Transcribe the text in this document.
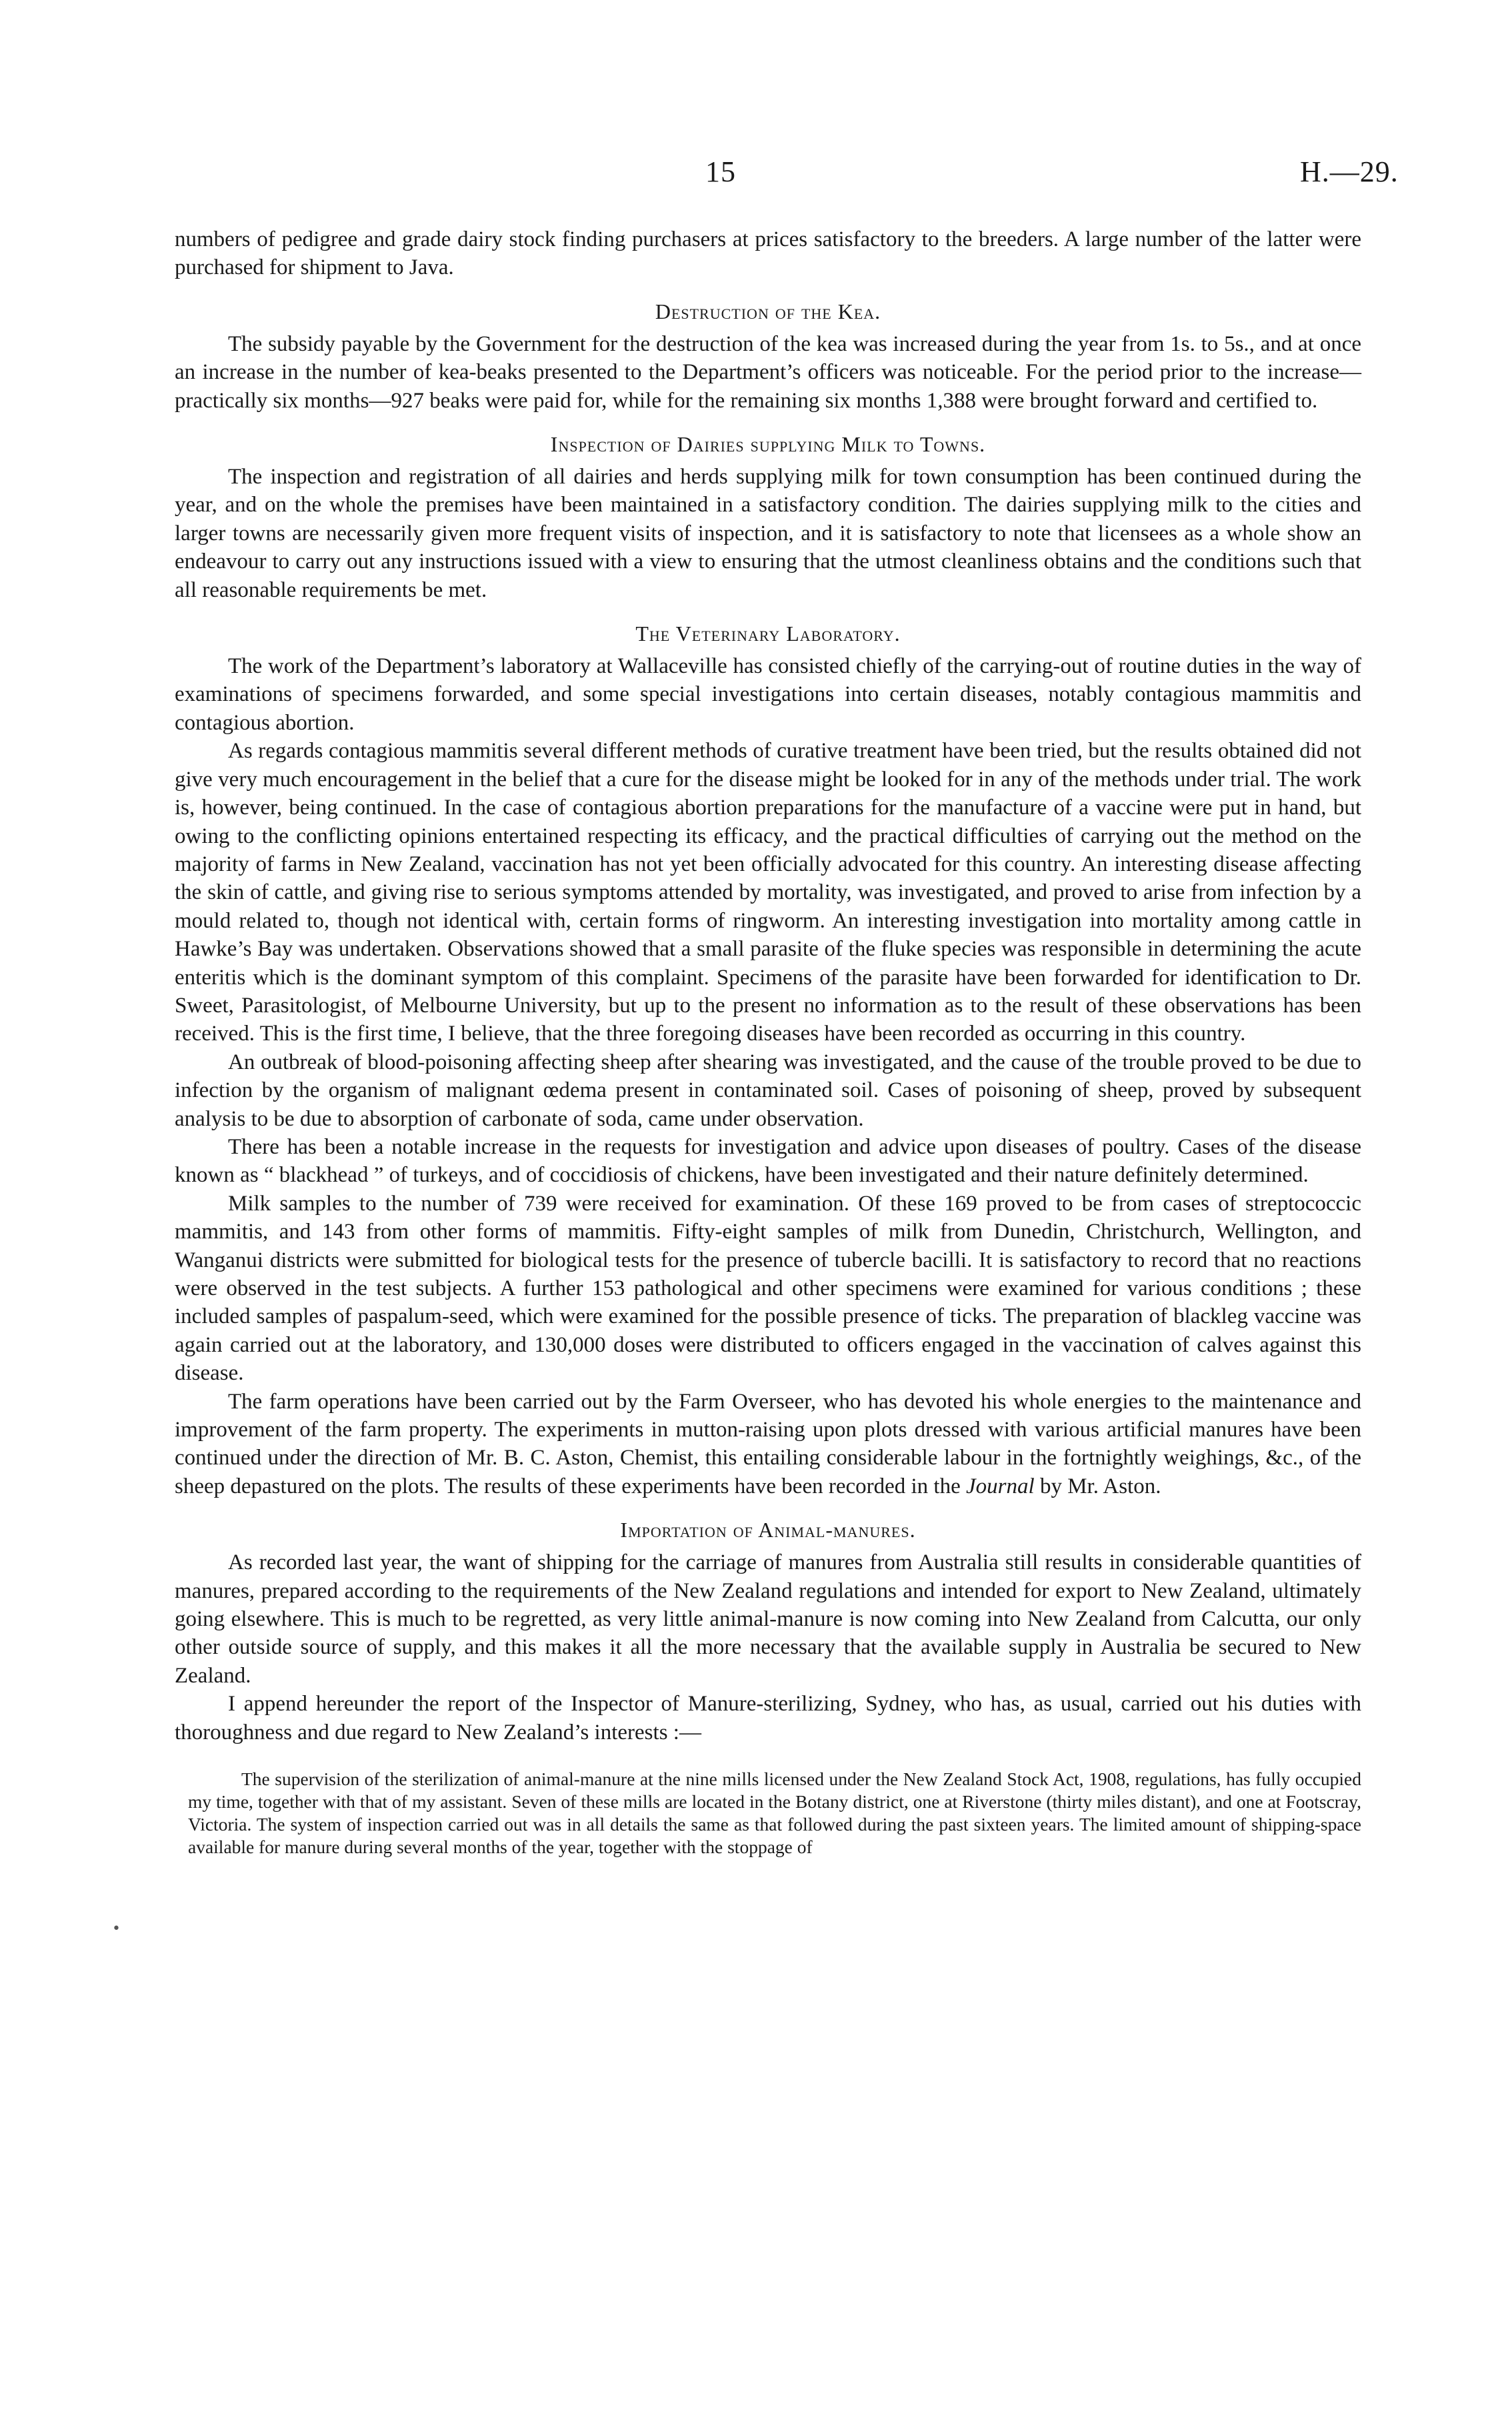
15	H.—29.

numbers of pedigree and grade dairy stock finding purchasers at prices satisfactory to the breeders. A large number of the latter were purchased for shipment to Java.

Destruction of the Kea.

The subsidy payable by the Government for the destruction of the kea was increased during the year from 1s. to 5s., and at once an increase in the number of kea-beaks presented to the Department’s officers was noticeable. For the period prior to the increase—practically six months—927 beaks were paid for, while for the remaining six months 1,388 were brought forward and certified to.

Inspection of Dairies supplying Milk to Towns.

The inspection and registration of all dairies and herds supplying milk for town consumption has been continued during the year, and on the whole the premises have been maintained in a satisfactory condition. The dairies supplying milk to the cities and larger towns are necessarily given more frequent visits of inspection, and it is satisfactory to note that licensees as a whole show an endeavour to carry out any instructions issued with a view to ensuring that the utmost cleanliness obtains and the conditions such that all reasonable requirements be met.

The Veterinary Laboratory.

The work of the Department’s laboratory at Wallaceville has consisted chiefly of the carrying-out of routine duties in the way of examinations of specimens forwarded, and some special investigations into certain diseases, notably contagious mammitis and contagious abortion.

As regards contagious mammitis several different methods of curative treatment have been tried, but the results obtained did not give very much encouragement in the belief that a cure for the disease might be looked for in any of the methods under trial. The work is, however, being continued. In the case of contagious abortion preparations for the manufacture of a vaccine were put in hand, but owing to the conflicting opinions entertained respecting its efficacy, and the practical difficulties of carrying out the method on the majority of farms in New Zealand, vaccination has not yet been officially advocated for this country. An interesting disease affecting the skin of cattle, and giving rise to serious symptoms attended by mortality, was investigated, and proved to arise from infection by a mould related to, though not identical with, certain forms of ringworm. An interesting investigation into mortality among cattle in Hawke’s Bay was undertaken. Observations showed that a small parasite of the fluke species was responsible in determining the acute enteritis which is the dominant symptom of this complaint. Specimens of the parasite have been forwarded for identification to Dr. Sweet, Parasitologist, of Melbourne University, but up to the present no information as to the result of these observations has been received. This is the first time, I believe, that the three foregoing diseases have been recorded as occurring in this country.

An outbreak of blood-poisoning affecting sheep after shearing was investigated, and the cause of the trouble proved to be due to infection by the organism of malignant œdema present in contaminated soil. Cases of poisoning of sheep, proved by subsequent analysis to be due to absorption of carbonate of soda, came under observation.

There has been a notable increase in the requests for investigation and advice upon diseases of poultry. Cases of the disease known as “ blackhead ” of turkeys, and of coccidiosis of chickens, have been investigated and their nature definitely determined.

Milk samples to the number of 739 were received for examination. Of these 169 proved to be from cases of streptococcic mammitis, and 143 from other forms of mammitis. Fifty-eight samples of milk from Dunedin, Christchurch, Wellington, and Wanganui districts were submitted for biological tests for the presence of tubercle bacilli. It is satisfactory to record that no reactions were observed in the test subjects. A further 153 pathological and other specimens were examined for various conditions ; these included samples of paspalum-seed, which were examined for the possible presence of ticks. The preparation of blackleg vaccine was again carried out at the laboratory, and 130,000 doses were distributed to officers engaged in the vaccination of calves against this disease.

The farm operations have been carried out by the Farm Overseer, who has devoted his whole energies to the maintenance and improvement of the farm property. The experiments in mutton-raising upon plots dressed with various artificial manures have been continued under the direction of Mr. B. C. Aston, Chemist, this entailing considerable labour in the fortnightly weighings, &c., of the sheep depastured on the plots. The results of these experiments have been recorded in the Journal by Mr. Aston.

Importation of Animal-manures.

As recorded last year, the want of shipping for the carriage of manures from Australia still results in considerable quantities of manures, prepared according to the requirements of the New Zealand regulations and intended for export to New Zealand, ultimately going elsewhere. This is much to be regretted, as very little animal-manure is now coming into New Zealand from Calcutta, our only other outside source of supply, and this makes it all the more necessary that the available supply in Australia be secured to New Zealand.

I append hereunder the report of the Inspector of Manure-sterilizing, Sydney, who has, as usual, carried out his duties with thoroughness and due regard to New Zealand’s interests :—

The supervision of the sterilization of animal-manure at the nine mills licensed under the New Zealand Stock Act, 1908, regulations, has fully occupied my time, together with that of my assistant. Seven of these mills are located in the Botany district, one at Riverstone (thirty miles distant), and one at Footscray, Victoria. The system of inspection carried out was in all details the same as that followed during the past sixteen years. The limited amount of shipping-space available for manure during several months of the year, together with the stoppage of

•
